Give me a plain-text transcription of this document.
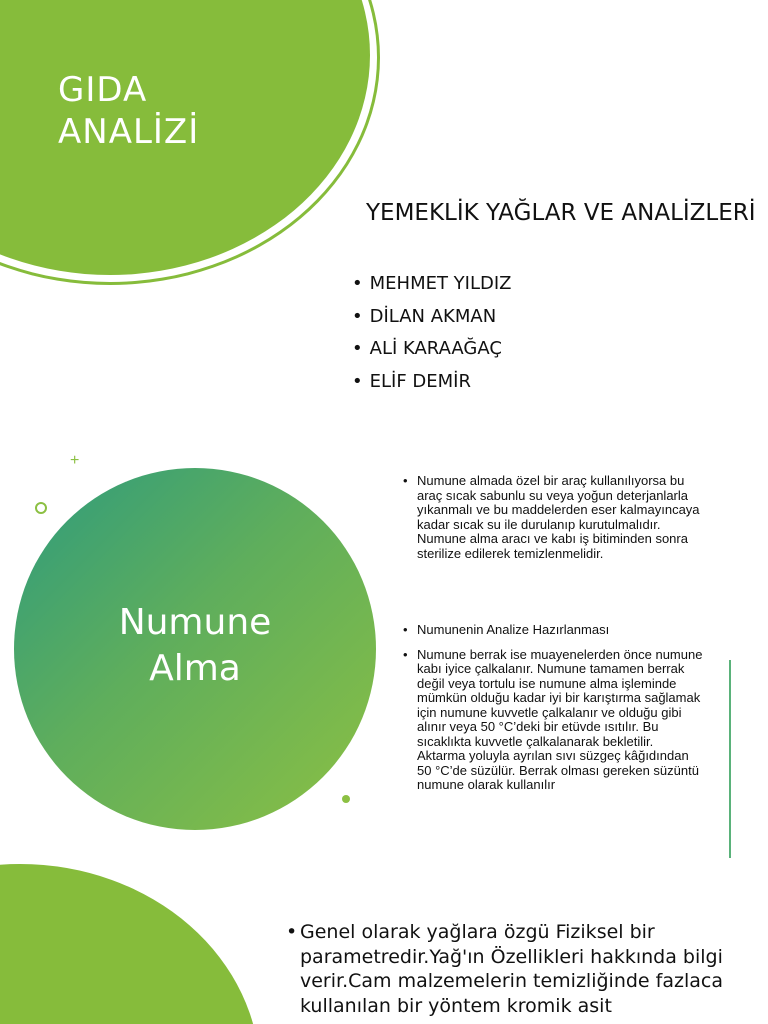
GIDA
ANALİZİ
YEMEKLİK YAĞLAR VE ANALİZLERİ
• MEHMET YILDIZ
• DİLAN AKMAN
• ALİ KARAAĞAÇ
• ELİF DEMİR
+
Numune
Alma
• Numune almada özel bir araç kullanılıyorsa bu araç sıcak sabunlu su veya yoğun deterjanlarla yıkanmalı ve bu maddelerden eser kalmayıncaya kadar sıcak su ile durulanıp kurutulmalıdır. Numune alma aracı ve kabı iş bitiminden sonra sterilize edilerek temizlenmelidir.
• Numunenin Analize Hazırlanması
• Numune berrak ise muayenelerden önce numune kabı iyice çalkalanır. Numune tamamen berrak değil veya tortulu ise numune alma işleminde mümkün olduğu kadar iyi bir karıştırma sağlamak için numune kuvvetle çalkalanır ve olduğu gibi alınır veya 50 °C’deki bir etüvde ısıtılır. Bu sıcaklıkta kuvvetle çalkalanarak bekletilir. Aktarma yoluyla ayrılan sıvı süzgeç kâğıdından 50 °C’de süzülür. Berrak olması gereken süzüntü numune olarak kullanılır
• Genel olarak yağlara özgü Fiziksel bir parametredir.Yağ'ın Özellikleri hakkında bilgi verir.Cam malzemelerin temizliğinde fazlaca kullanılan bir yöntem kromik asit
